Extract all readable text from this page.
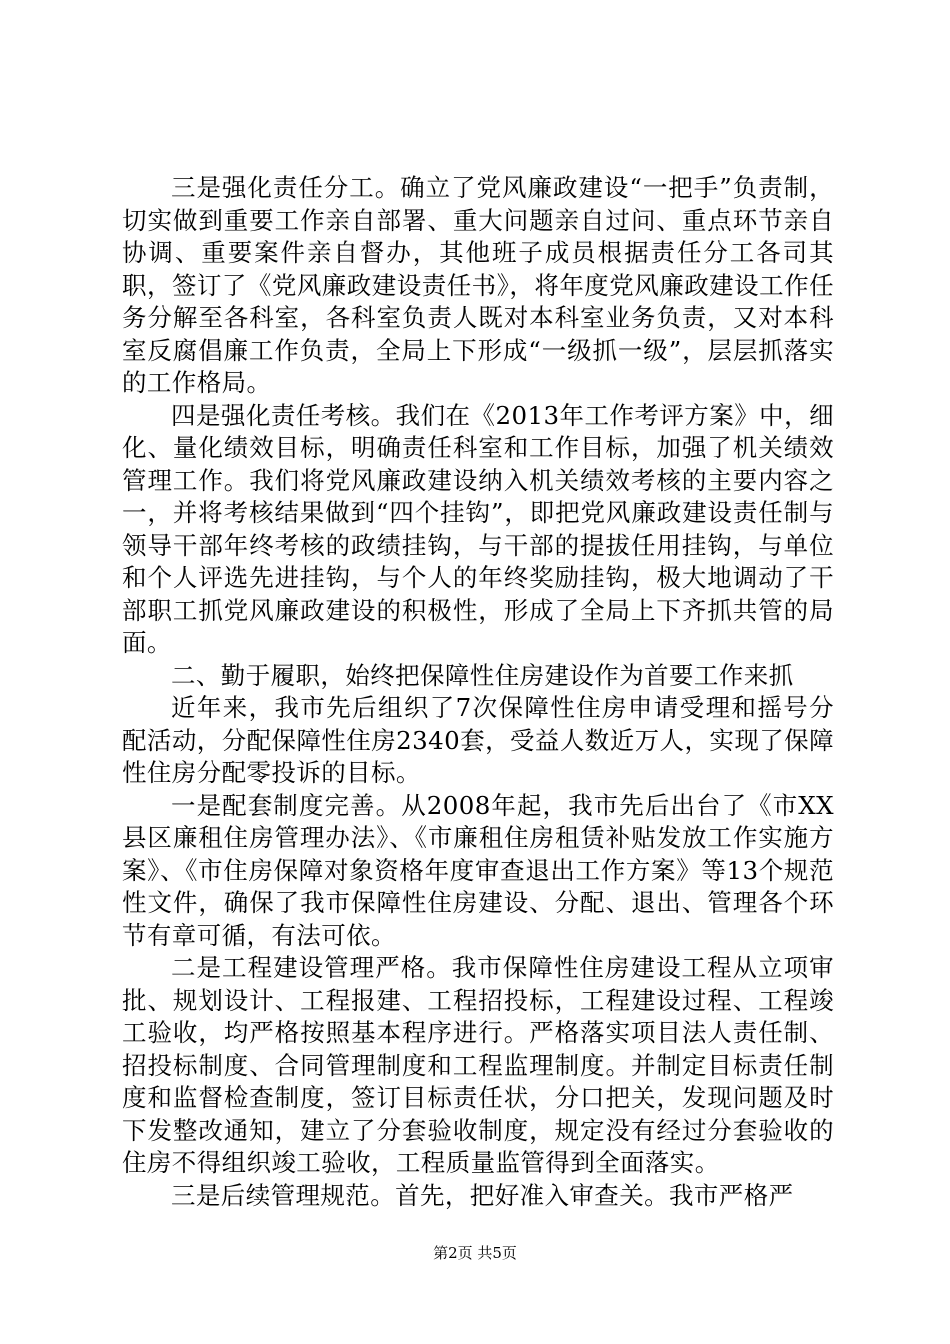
三是强化责任分工。确立了党风廉政建设“一把手”负责制，切实做到重要工作亲自部署、重大问题亲自过问、重点环节亲自协调、重要案件亲自督办，其他班子成员根据责任分工各司其职，签订了《党风廉政建设责任书》，将年度党风廉政建设工作任务分解至各科室，各科室负责人既对本科室业务负责，又对本科室反腐倡廉工作负责，全局上下形成“一级抓一级”，层层抓落实的工作格局。

四是强化责任考核。我们在《2013年工作考评方案》中，细化、量化绩效目标，明确责任科室和工作目标，加强了机关绩效管理工作。我们将党风廉政建设纳入机关绩效考核的主要内容之一，并将考核结果做到“四个挂钩”，即把党风廉政建设责任制与领导干部年终考核的政绩挂钩，与干部的提拔任用挂钩，与单位和个人评选先进挂钩，与个人的年终奖励挂钩，极大地调动了干部职工抓党风廉政建设的积极性，形成了全局上下齐抓共管的局面。

二、勤于履职，始终把保障性住房建设作为首要工作来抓

近年来，我市先后组织了7次保障性住房申请受理和摇号分配活动，分配保障性住房2340套，受益人数近万人，实现了保障性住房分配零投诉的目标。

一是配套制度完善。从2008年起，我市先后出台了《市XX县区廉租住房管理办法》、《市廉租住房租赁补贴发放工作实施方案》、《市住房保障对象资格年度审查退出工作方案》等13个规范性文件，确保了我市保障性住房建设、分配、退出、管理各个环节有章可循，有法可依。

二是工程建设管理严格。我市保障性住房建设工程从立项审批、规划设计、工程报建、工程招投标，工程建设过程、工程竣工验收，均严格按照基本程序进行。严格落实项目法人责任制、招投标制度、合同管理制度和工程监理制度。并制定目标责任制度和监督检查制度，签订目标责任状，分口把关，发现问题及时下发整改通知，建立了分套验收制度，规定没有经过分套验收的住房不得组织竣工验收，工程质量监管得到全面落实。

三是后续管理规范。首先，把好准入审查关。我市严格严

第2页 共5页
